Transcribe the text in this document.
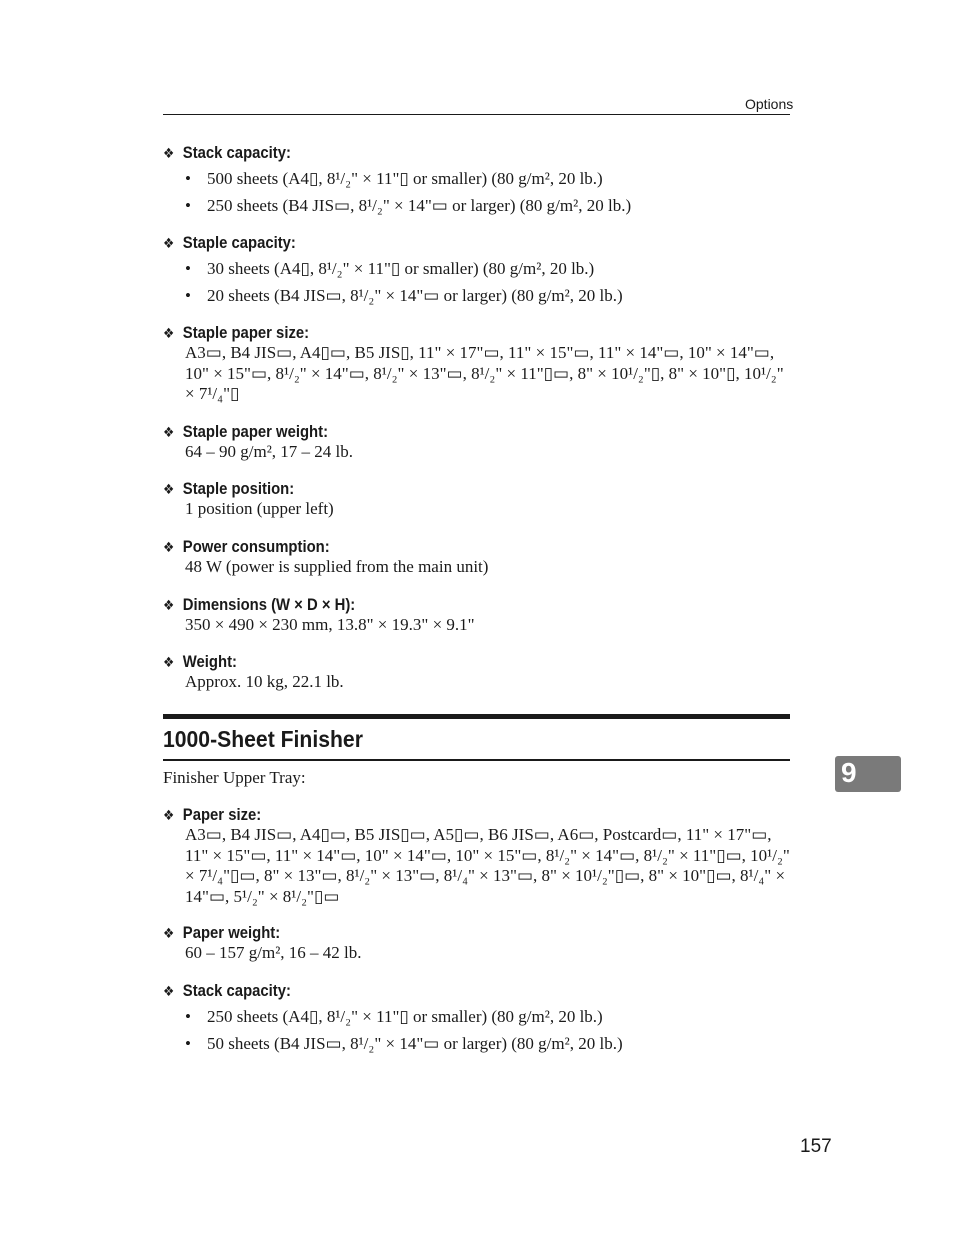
Options
❖ Stack capacity:
• 500 sheets (A4▯, 8¹/₂" × 11"▯ or smaller) (80 g/m², 20 lb.)
• 250 sheets (B4 JIS▭, 8¹/₂" × 14"▭ or larger) (80 g/m², 20 lb.)
❖ Staple capacity:
• 30 sheets (A4▯, 8¹/₂" × 11"▯ or smaller) (80 g/m², 20 lb.)
• 20 sheets (B4 JIS▭, 8¹/₂" × 14"▭ or larger) (80 g/m², 20 lb.)
❖ Staple paper size:
A3▭, B4 JIS▭, A4▯▭, B5 JIS▯, 11" × 17"▭, 11" × 15"▭, 11" × 14"▭, 10" × 14"▭, 10" × 15"▭, 8¹/₂" × 14"▭, 8¹/₂" × 13"▭, 8¹/₂" × 11"▯▭, 8" × 10¹/₂"▯, 8" × 10"▯, 10¹/₂" × 7¹/₄"▯
❖ Staple paper weight:
64 – 90 g/m², 17 – 24 lb.
❖ Staple position:
1 position (upper left)
❖ Power consumption:
48 W (power is supplied from the main unit)
❖ Dimensions (W × D × H):
350 × 490 × 230 mm, 13.8" × 19.3" × 9.1"
❖ Weight:
Approx. 10 kg, 22.1 lb.
1000-Sheet Finisher
Finisher Upper Tray:	9
❖ Paper size:
A3▭, B4 JIS▭, A4▯▭, B5 JIS▯▭, A5▯▭, B6 JIS▭, A6▭, Postcard▭, 11" × 17"▭, 11" × 15"▭, 11" × 14"▭, 10" × 14"▭, 10" × 15"▭, 8¹/₂" × 14"▭, 8¹/₂" × 11"▯▭, 10¹/₂" × 7¹/₄"▯▭, 8" × 13"▭, 8¹/₂" × 13"▭, 8¹/₄" × 13"▭, 8" × 10¹/₂"▯▭, 8" × 10"▯▭, 8¹/₄" × 14"▭, 5¹/₂" × 8¹/₂"▯▭
❖ Paper weight:
60 – 157 g/m², 16 – 42 lb.
❖ Stack capacity:
• 250 sheets (A4▯, 8¹/₂" × 11"▯ or smaller) (80 g/m², 20 lb.)
• 50 sheets (B4 JIS▭, 8¹/₂" × 14"▭ or larger) (80 g/m², 20 lb.)
157
